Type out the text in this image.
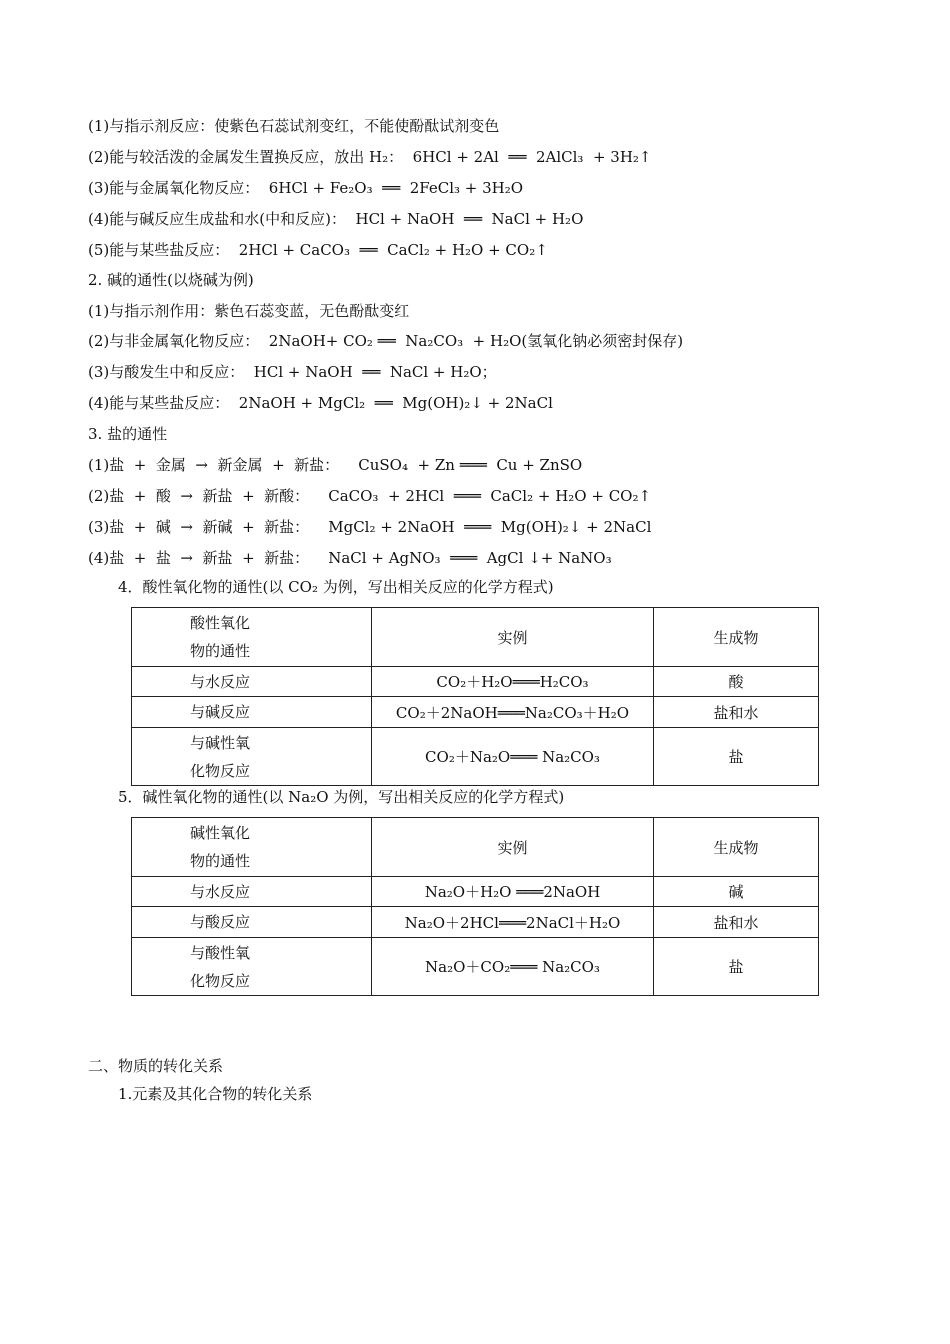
(1)与指示剂反应：使紫色石蕊试剂变红，不能使酚酞试剂变色
(2)能与较活泼的金属发生置换反应，放出 H₂：  6HCl + 2Al  ══  2AlCl₃  + 3H₂↑
(3)能与金属氧化物反应：  6HCl + Fe₂O₃  ══  2FeCl₃ + 3H₂O
(4)能与碱反应生成盐和水(中和反应)：  HCl + NaOH  ══  NaCl + H₂O
(5)能与某些盐反应：  2HCl + CaCO₃  ══  CaCl₂ + H₂O + CO₂↑
2. 碱的通性(以烧碱为例)
(1)与指示剂作用：紫色石蕊变蓝，无色酚酞变红
(2)与非金属氧化物反应：  2NaOH+ CO₂ ══  Na₂CO₃  + H₂O(氢氧化钠必须密封保存)
(3)与酸发生中和反应：  HCl + NaOH  ══  NaCl + H₂O；
(4)能与某些盐反应：  2NaOH + MgCl₂  ══  Mg(OH)₂↓ + 2NaCl
3. 盐的通性
(1)盐  +  金属  →  新金属  +  新盐：    CuSO₄  + Zn ═══  Cu + ZnSO
(2)盐  +  酸  →  新盐  +  新酸：    CaCO₃  + 2HCl  ═══  CaCl₂ + H₂O + CO₂↑
(3)盐  +  碱  →  新碱  +  新盐：    MgCl₂ + 2NaOH  ═══  Mg(OH)₂↓ + 2NaCl
(4)盐  +  盐  →  新盐  +  新盐：    NaCl + AgNO₃  ═══  AgCl ↓+ NaNO₃
4．酸性氧化物的通性(以 CO₂ 为例，写出相关反应的化学方程式)
酸性氧化
物的通性	实例	生成物

与水反应	CO₂＋H₂O═══H₂CO₃	酸

与碱反应	CO₂＋2NaOH═══Na₂CO₃＋H₂O	盐和水

与碱性氧
化物反应	CO₂＋Na₂O═══ Na₂CO₃	盐
5．碱性氧化物的通性(以 Na₂O 为例，写出相关反应的化学方程式)
碱性氧化
物的通性	实例	生成物

与水反应	Na₂O＋H₂O ═══2NaOH	碱

与酸反应	Na₂O＋2HCl═══2NaCl＋H₂O	盐和水

与酸性氧
化物反应	Na₂O＋CO₂═══ Na₂CO₃	盐
二、物质的转化关系
1.元素及其化合物的转化关系
